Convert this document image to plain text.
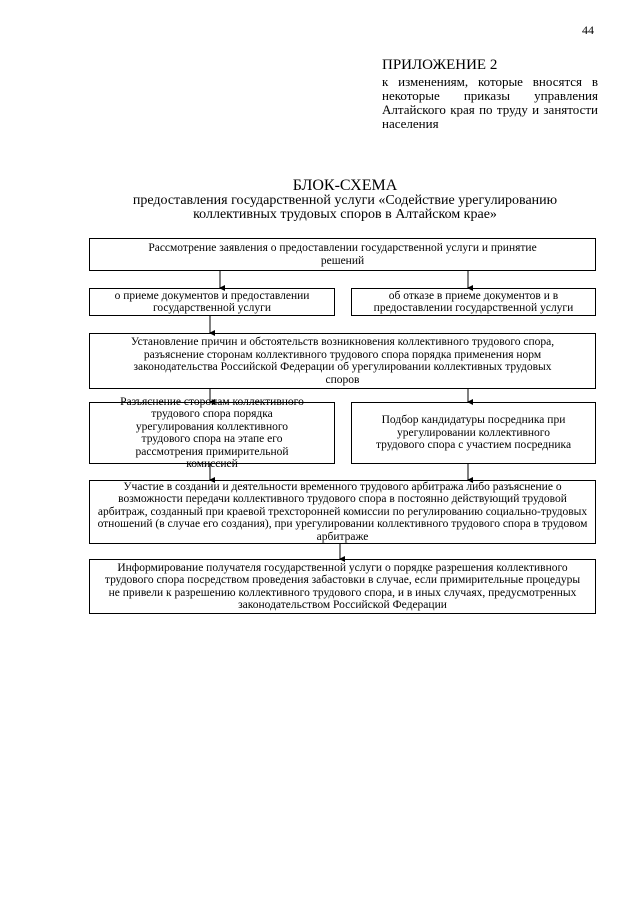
44
ПРИЛОЖЕНИЕ 2
к изменениям, которые вносятся в некоторые приказы управления Алтайского края по труду и занятости населения
БЛОК-СХЕМА
предоставления государственной услуги «Содействие урегулированию коллективных трудовых споров в Алтайском крае»
Рассмотрение заявления о предоставлении государственной услуги и принятие решений
о приеме документов и предоставлении государственной услуги
об отказе в приеме документов и в предоставлении государственной услуги
Установление причин и обстоятельств возникновения коллективного трудового спора, разъяснение сторонам коллективного трудового спора порядка применения норм законодательства Российской Федерации об урегулировании коллективных трудовых споров
Разъяснение сторонам коллективного трудового спора порядка урегулирования коллективного трудового спора на этапе его рассмотрения примирительной комиссией
Подбор кандидатуры посредника при урегулировании коллективного трудового спора с участием посредника
Участие в создании и деятельности временного трудового арбитража либо разъяснение о возможности передачи коллективного трудового спора в постоянно действующий трудовой арбитраж, созданный при краевой трехсторонней комиссии по регулированию социально-трудовых отношений (в случае его создания), при урегулировании коллективного трудового спора в трудовом арбитраже
Информирование получателя государственной услуги о порядке разрешения коллективного трудового спора посредством проведения забастовки в случае, если примирительные процедуры не привели к разрешению коллективного трудового спора, и в иных случаях, предусмотренных законодательством Российской Федерации
